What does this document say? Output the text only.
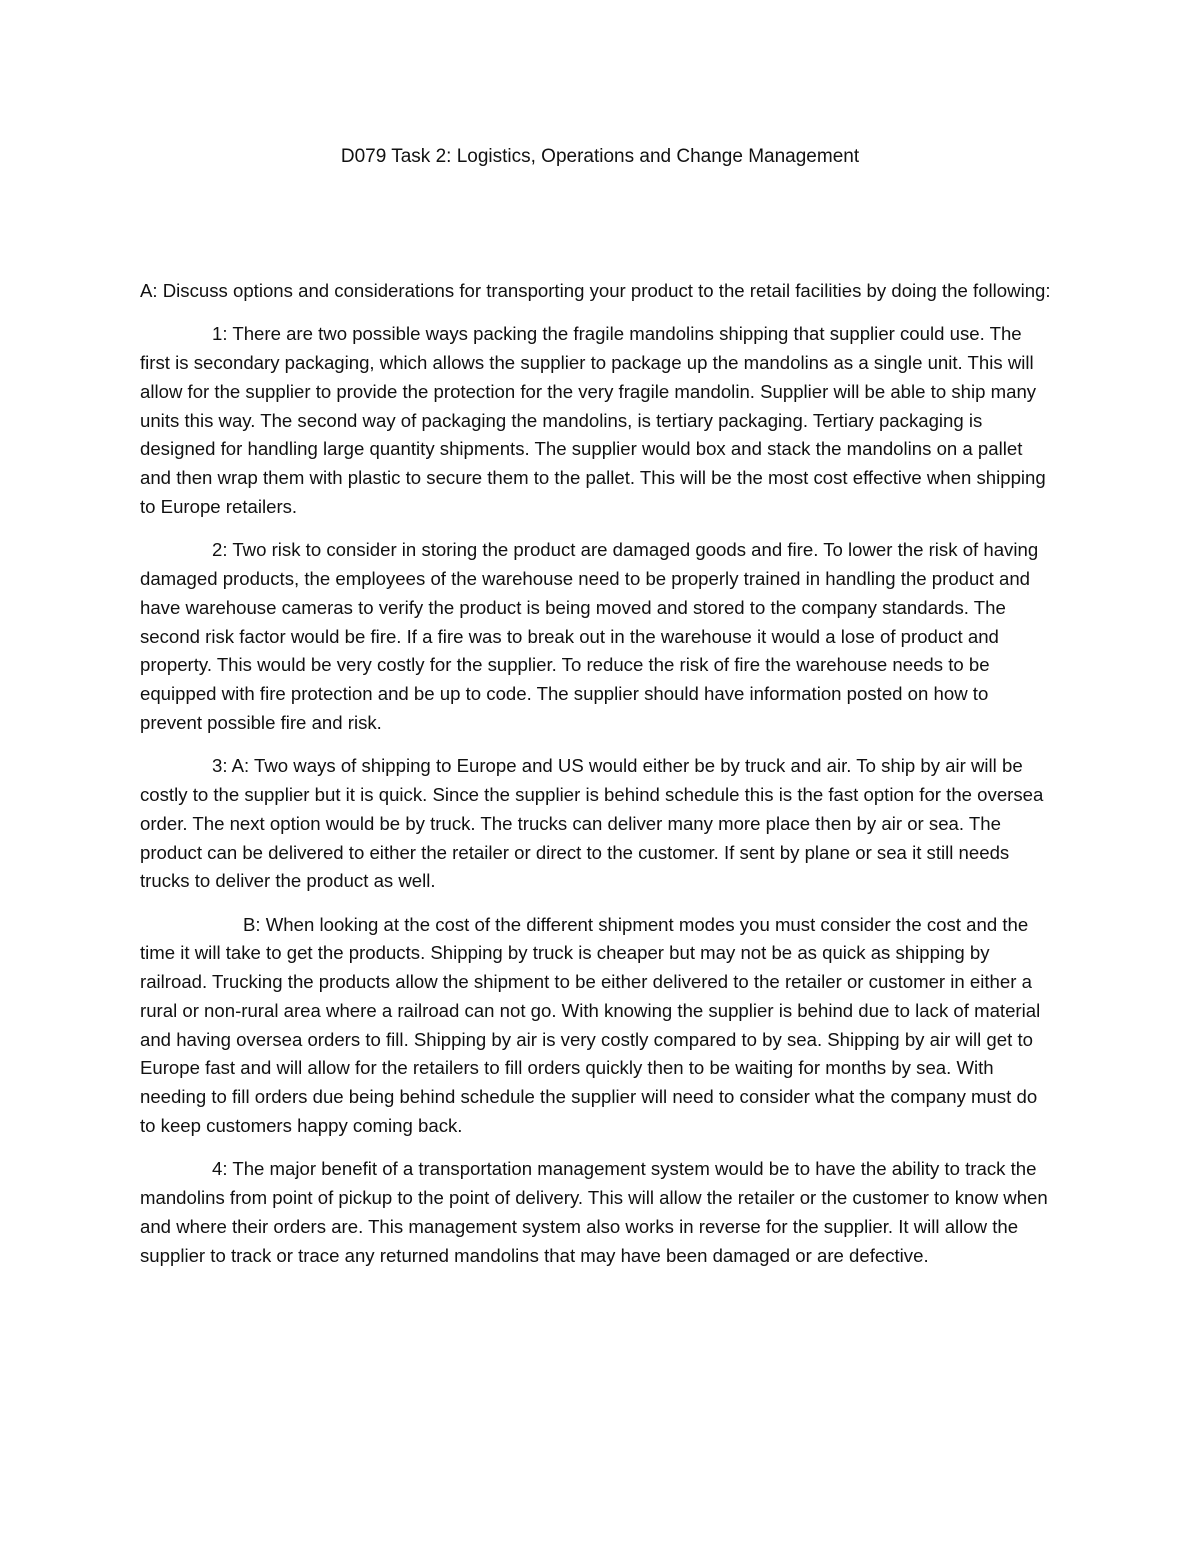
D079 Task 2: Logistics, Operations and Change Management

A: Discuss options and considerations for transporting your product to the retail facilities by doing the following:

1: There are two possible ways packing the fragile mandolins shipping that supplier could use. The first is secondary packaging, which allows the supplier to package up the mandolins as a single unit. This will allow for the supplier to provide the protection for the very fragile mandolin. Supplier will be able to ship many units this way. The second way of packaging the mandolins, is tertiary packaging. Tertiary packaging is designed for handling large quantity shipments. The supplier would box and stack the mandolins on a pallet and then wrap them with plastic to secure them to the pallet. This will be the most cost effective when shipping to Europe retailers.

2: Two risk to consider in storing the product are damaged goods and fire. To lower the risk of having damaged products, the employees of the warehouse need to be properly trained in handling the product and have warehouse cameras to verify the product is being moved and stored to the company standards. The second risk factor would be fire. If a fire was to break out in the warehouse it would a lose of product and property. This would be very costly for the supplier. To reduce the risk of fire the warehouse needs to be equipped with fire protection and be up to code. The supplier should have information posted on how to prevent possible fire and risk.

3: A: Two ways of shipping to Europe and US would either be by truck and air. To ship by air will be costly to the supplier but it is quick. Since the supplier is behind schedule this is the fast option for the oversea order. The next option would be by truck. The trucks can deliver many more place then by air or sea. The product can be delivered to either the retailer or direct to the customer. If sent by plane or sea it still needs trucks to deliver the product as well.

B: When looking at the cost of the different shipment modes you must consider the cost and the time it will take to get the products. Shipping by truck is cheaper but may not be as quick as shipping by railroad. Trucking the products allow the shipment to be either delivered to the retailer or customer in either a rural or non-rural area where a railroad can not go. With knowing the supplier is behind due to lack of material and having oversea orders to fill. Shipping by air is very costly compared to by sea. Shipping by air will get to Europe fast and will allow for the retailers to fill orders quickly then to be waiting for months by sea. With needing to fill orders due being behind schedule the supplier will need to consider what the company must do to keep customers happy coming back.

4: The major benefit of a transportation management system would be to have the ability to track the mandolins from point of pickup to the point of delivery. This will allow the retailer or the customer to know when and where their orders are. This management system also works in reverse for the supplier. It will allow the supplier to track or trace any returned mandolins that may have been damaged or are defective.
